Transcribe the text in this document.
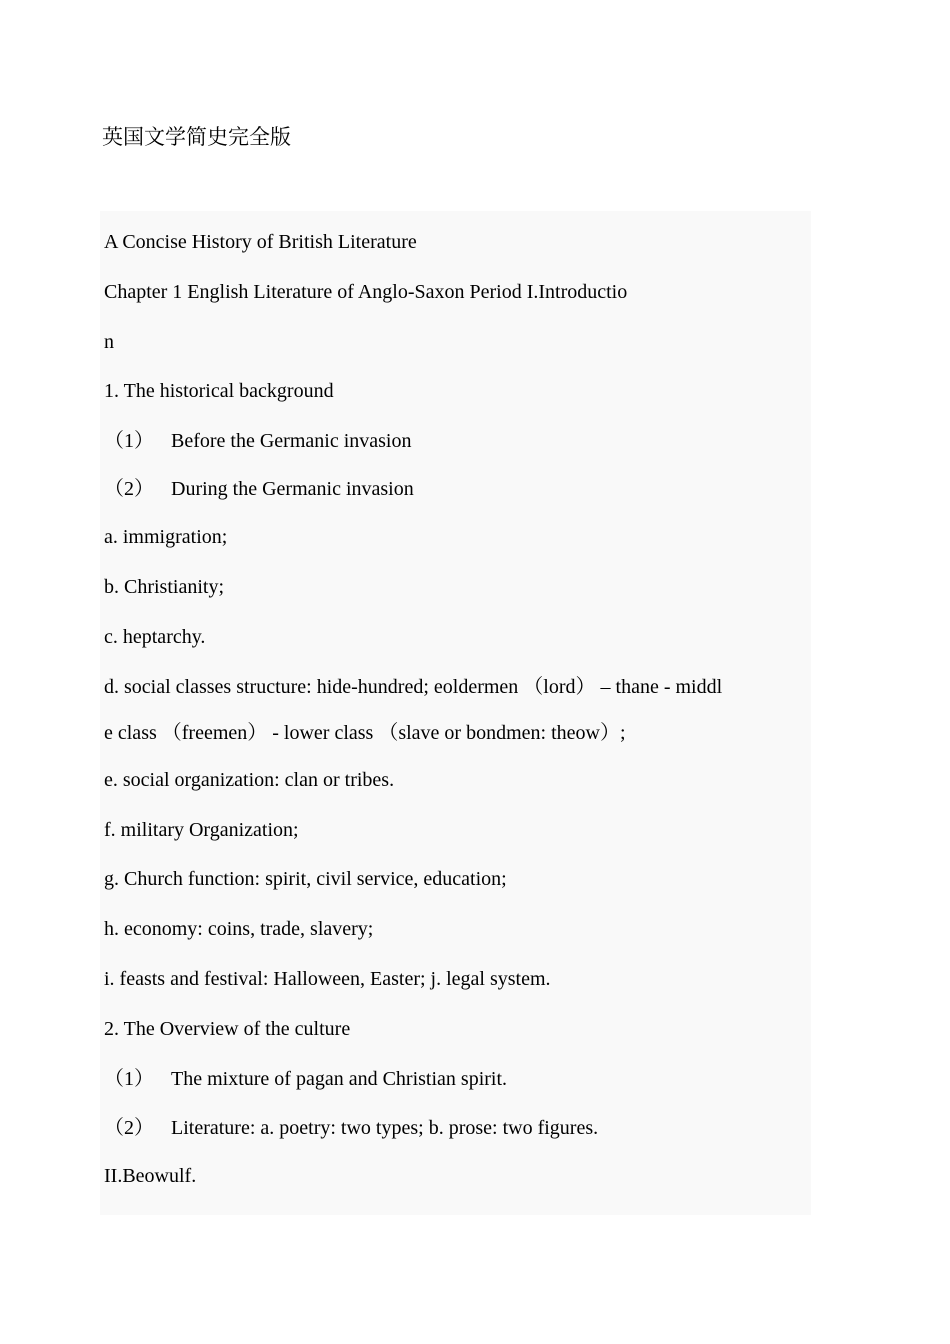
英国文学简史完全版

A Concise History of British Literature

Chapter 1 English Literature of Anglo-Saxon Period I.Introductio

n

1. The historical background

（1） Before the Germanic invasion

（2） During the Germanic invasion

a. immigration;

b. Christianity;

c. heptarchy.

d. social classes structure: hide-hundred; eoldermen （lord） – thane - middl

e class （freemen） - lower class （slave or bondmen: theow）;

e. social organization: clan or tribes.

f. military Organization;

g. Church function: spirit, civil service, education;

h. economy: coins, trade, slavery;

i. feasts and festival: Halloween, Easter; j. legal system.

2. The Overview of the culture

（1） The mixture of pagan and Christian spirit.

（2） Literature: a. poetry: two types; b. prose: two figures.

II.Beowulf.
